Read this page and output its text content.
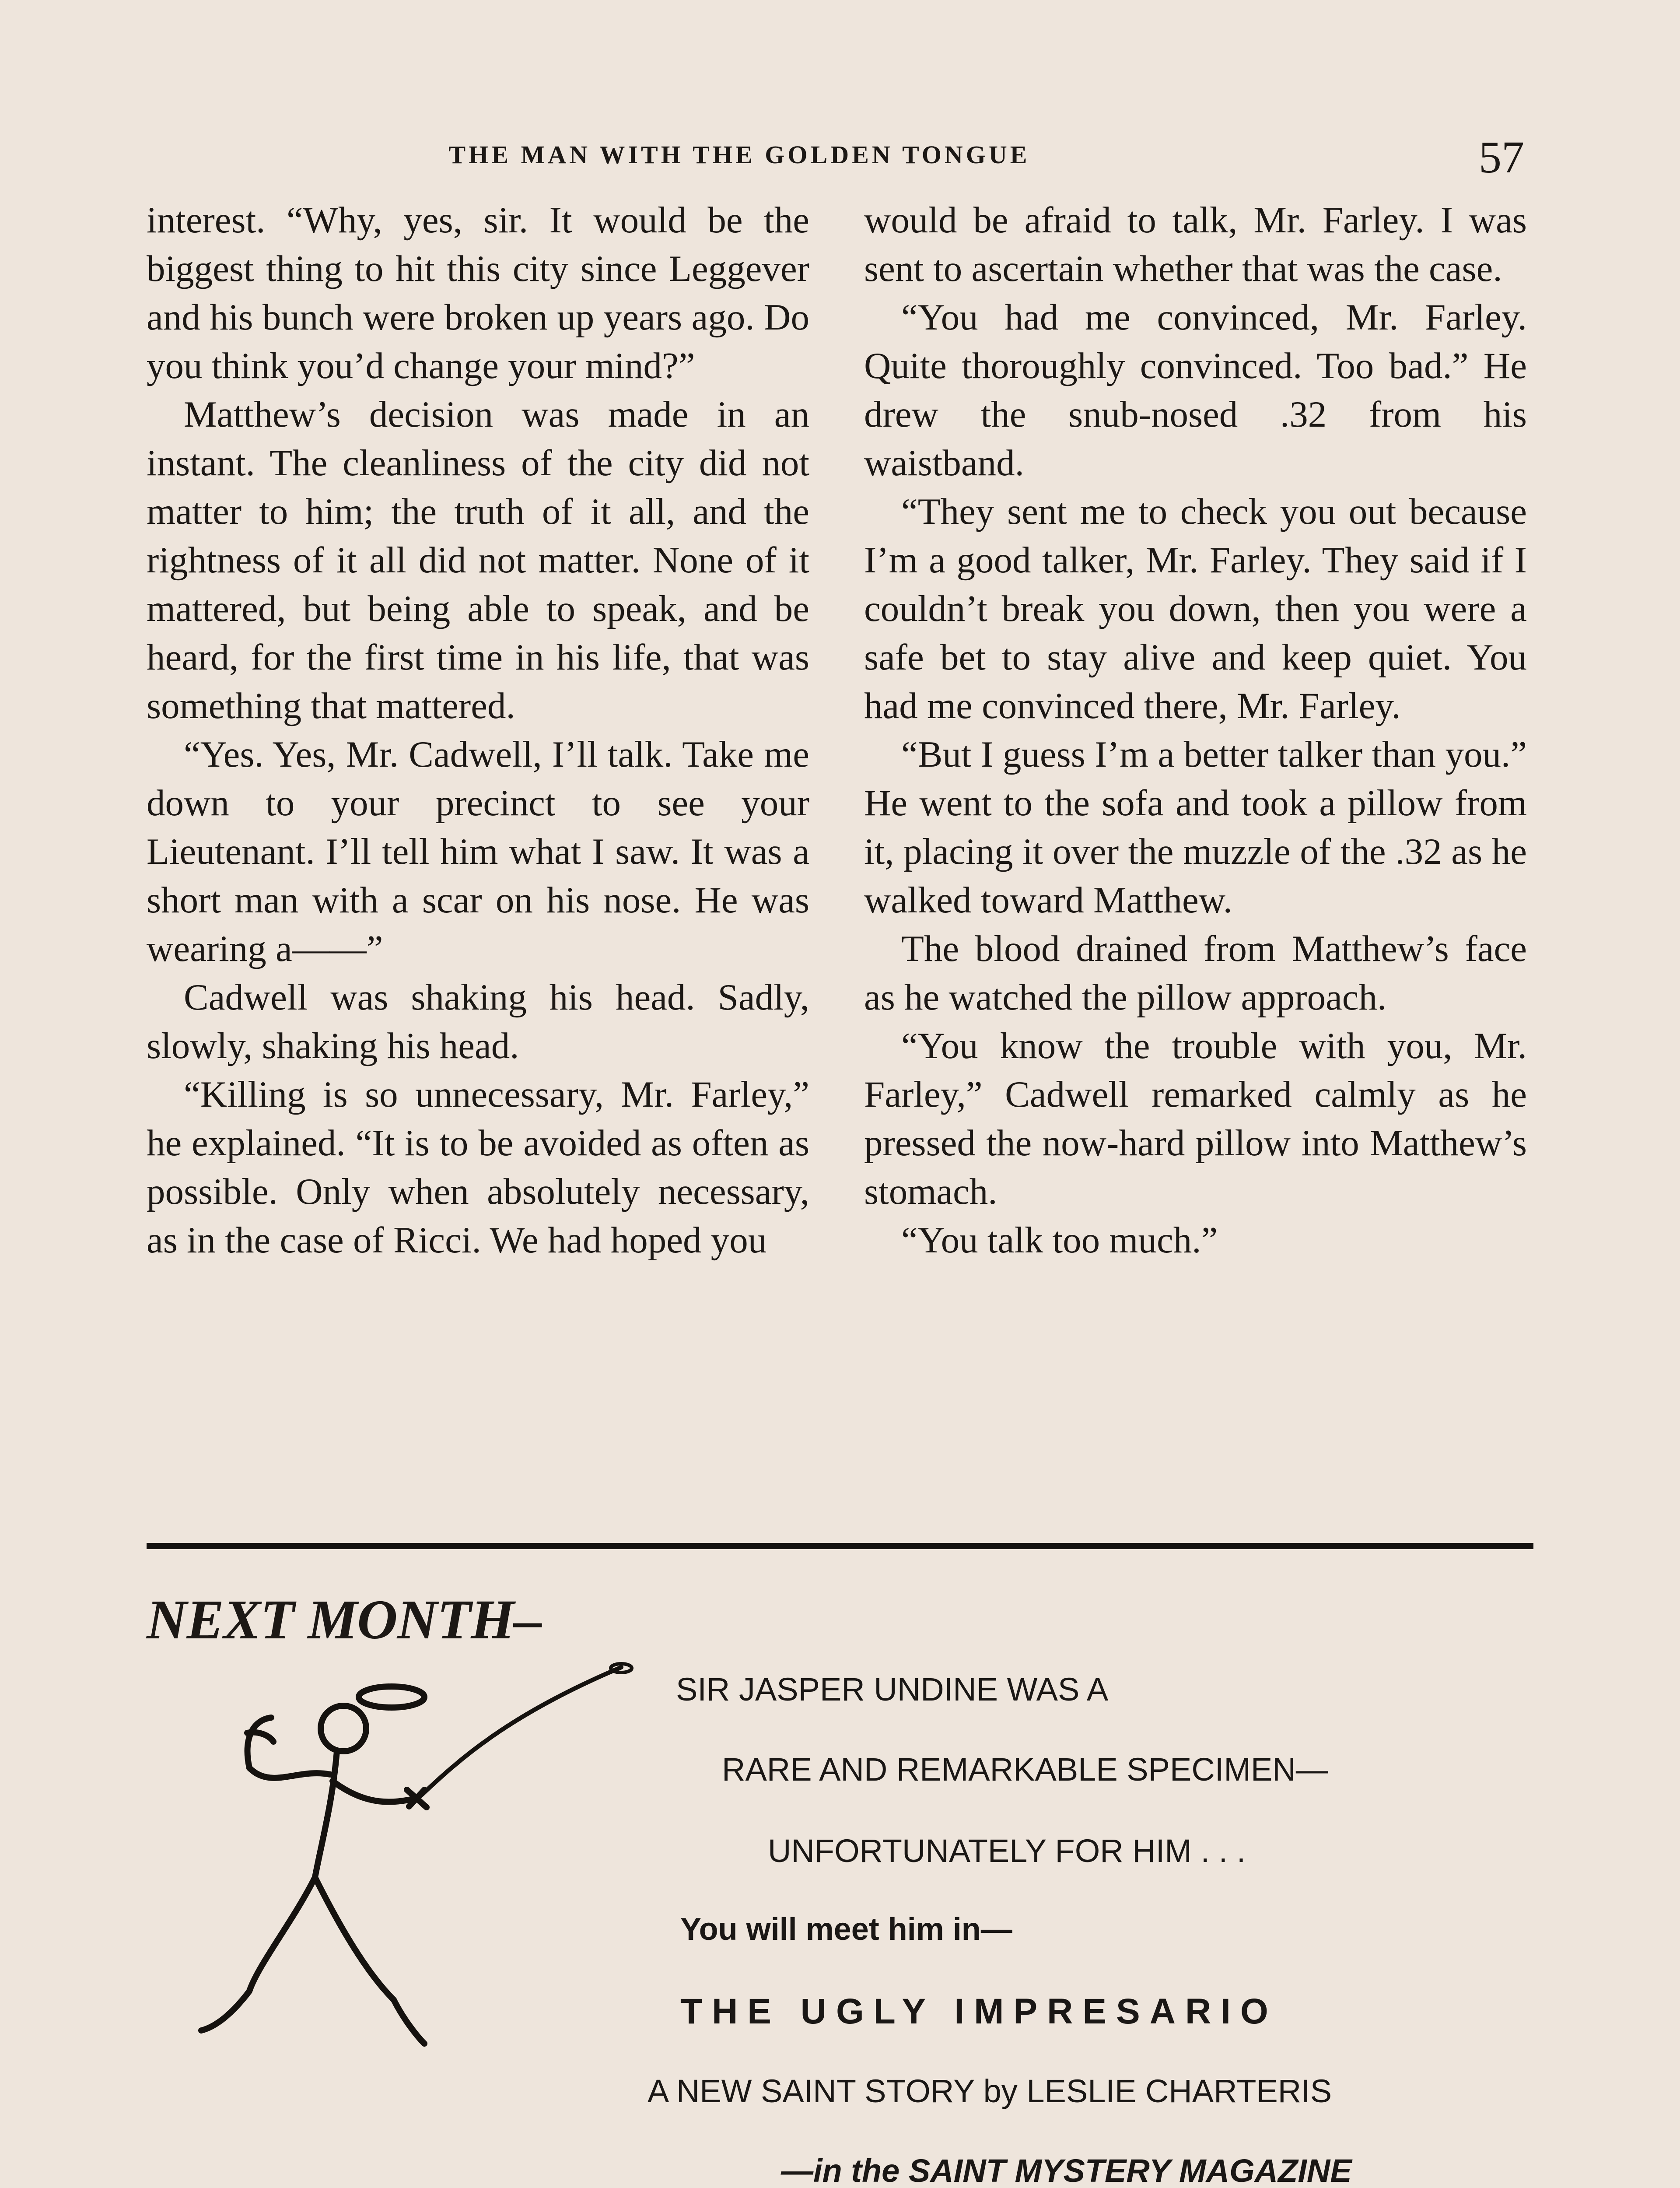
THE MAN WITH THE GOLDEN TONGUE	57

interest. “Why, yes, sir. It would be the biggest thing to hit this city since Leggever and his bunch were broken up years ago. Do you think you’d change your mind?”

Matthew’s decision was made in an instant. The cleanliness of the city did not matter to him; the truth of it all, and the rightness of it all did not matter. None of it mattered, but being able to speak, and be heard, for the first time in his life, that was something that mattered.

“Yes. Yes, Mr. Cadwell, I’ll talk. Take me down to your precinct to see your Lieutenant. I’ll tell him what I saw. It was a short man with a scar on his nose. He was wearing a——”

Cadwell was shaking his head. Sadly, slowly, shaking his head.

“Killing is so unnecessary, Mr. Farley,” he explained. “It is to be avoided as often as possible. Only when absolutely necessary, as in the case of Ricci. We had hoped you

would be afraid to talk, Mr. Farley. I was sent to ascertain whether that was the case.

“You had me convinced, Mr. Farley. Quite thoroughly convinced. Too bad.” He drew the snub-nosed .32 from his waistband.

“They sent me to check you out because I’m a good talker, Mr. Farley. They said if I couldn’t break you down, then you were a safe bet to stay alive and keep quiet. You had me convinced there, Mr. Farley.

“But I guess I’m a better talker than you.” He went to the sofa and took a pillow from it, placing it over the muzzle of the .32 as he walked toward Matthew.

The blood drained from Matthew’s face as he watched the pillow approach.

“You know the trouble with you, Mr. Farley,” Cadwell remarked calmly as he pressed the now-hard pillow into Matthew’s stomach.

“You talk too much.”

NEXT MONTH–
SIR JASPER UNDINE WAS A
RARE AND REMARKABLE SPECIMEN—
UNFORTUNATELY FOR HIM . . .
You will meet him in—
THE UGLY IMPRESARIO
A NEW SAINT STORY by LESLIE CHARTERIS
—in the SAINT MYSTERY MAGAZINE
